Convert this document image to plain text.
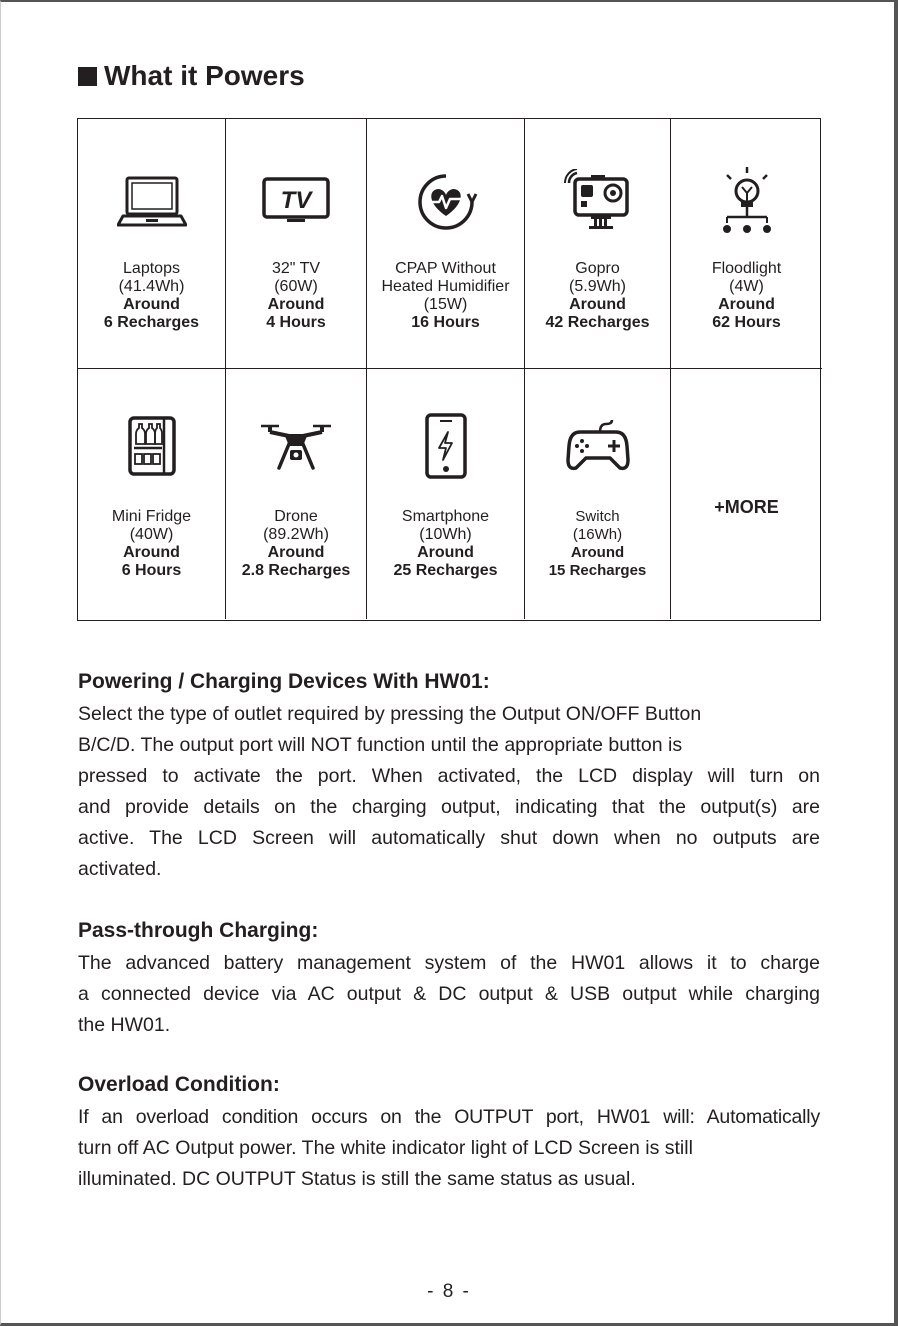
What it Powers
Laptops
(41.4Wh)
Around
6 Recharges
TV
32" TV
(60W)
Around
4 Hours
CPAP Without
Heated Humidifier
(15W)
16 Hours
Gopro
(5.9Wh)
Around
42 Recharges
Floodlight
(4W)
Around
62 Hours
Mini Fridge
(40W)
Around
6 Hours
Drone
(89.2Wh)
Around
2.8 Recharges
Smartphone
(10Wh)
Around
25 Recharges
Switch
(16Wh)
Around
15 Recharges
+MORE
Powering / Charging Devices With HW01:
Select the type of outlet required by pressing the Output ON/OFF Button
B/C/D. The output port will NOT function until the appropriate button is
pressed to activate the port. When activated, the LCD display will turn on
and provide details on the charging output, indicating that the output(s) are
active. The LCD Screen will automatically shut down when no outputs are
activated.
Pass-through Charging:
The advanced battery management system of the HW01 allows it to charge
a connected device via AC output & DC output & USB output while charging
the HW01.
Overload Condition:
If an overload condition occurs on the OUTPUT port, HW01 will: Automatically
turn off AC Output power. The white indicator light of LCD Screen is still
illuminated. DC OUTPUT Status is still the same status as usual.
- 8 -
